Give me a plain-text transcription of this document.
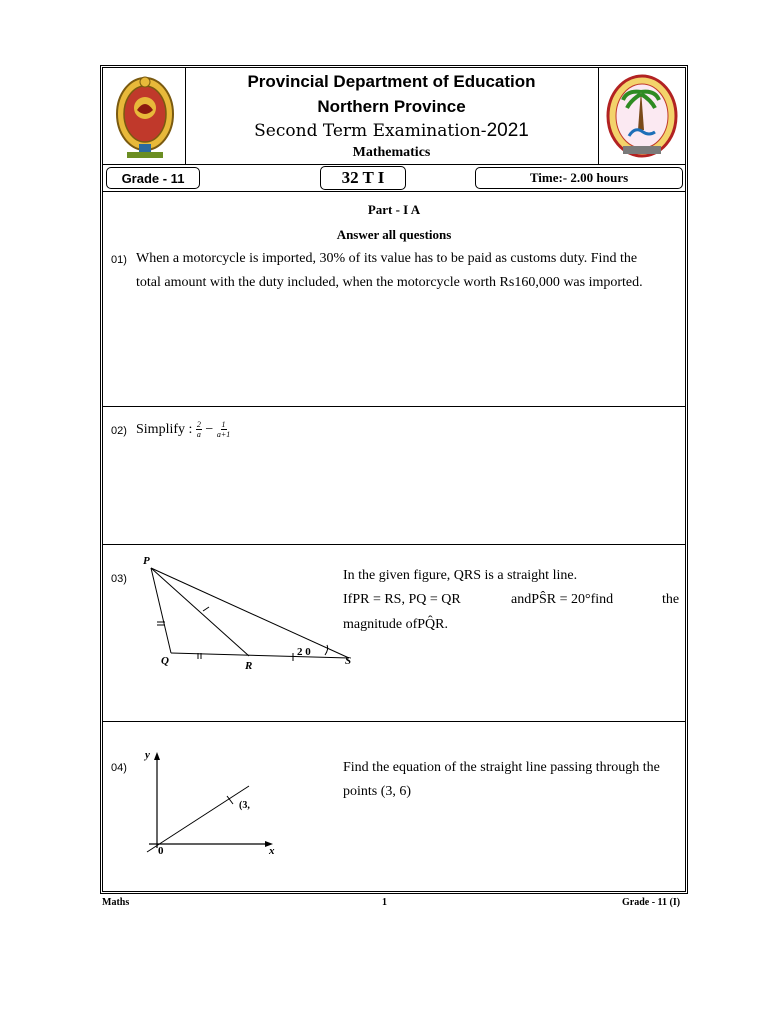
Provincial Department of Education
Northern Province
Second Term Examination-2021
Mathematics
Grade - 11	32 T I	Time:- 2.00 hours
Part - I A
Answer all questions
01) When a motorcycle is imported, 30% of its value has to be paid as customs duty. Find the
total amount with the duty included, when the motorcycle worth Rs160,000 was imported.
02) Simplify : $\frac{2}{a} - \frac{1}{a+1}$
03)
P
Q	R	S
2 0
In the given figure, QRS is a straight line.
IfPR = RS, PQ = QR	andPŜR = 20°find	the
magnitude ofPQ̂R.
04)
y
x
0
(3,
Find the equation of the straight line passing through the
points (3, 6)
Maths	1	Grade - 11 (I)
